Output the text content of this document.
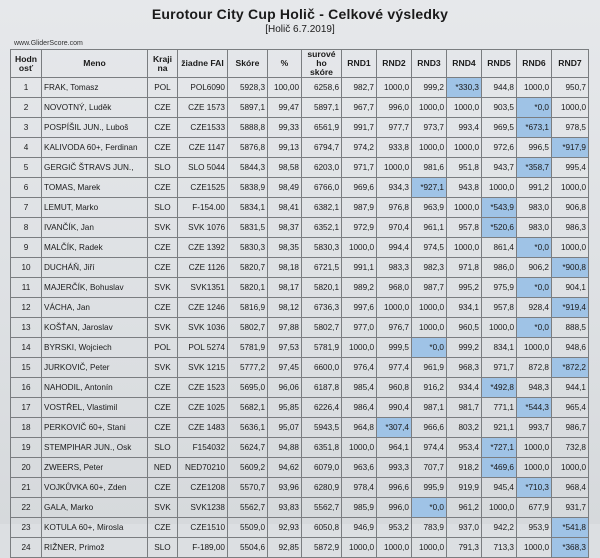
Eurotour City Cup Holič - Celkové výsledky
[Holič 6.7.2019]
www.GliderScore.com
Hodn osť	Meno	Kraji na	žiadne FAI	Skóre	%	surové ho skóre	RND1	RND2	RND3	RND4	RND5	RND6	RND7
1	FRAK, Tomasz	POL	POL6090	5928,3	100,00	6258,6	982,7	1000,0	999,2	*330,3	944,8	1000,0	950,7
2	NOVOTNÝ, Luděk	CZE	CZE 1573	5897,1	99,47	5897,1	967,7	996,0	1000,0	1000,0	903,5	*0,0	1000,0
3	POSPÍŠIL JUN., Luboš	CZE	CZE1533	5888,8	99,33	6561,9	991,7	977,7	973,7	993,4	969,5	*673,1	978,5
4	KALIVODA 60+, Ferdinan	CZE	CZE 1147	5876,8	99,13	6794,7	974,2	933,8	1000,0	1000,0	972,6	996,5	*917,9
5	GERGIČ ŠTRAVS JUN.,	SLO	SLO 5044	5844,3	98,58	6203,0	971,7	1000,0	981,6	951,8	943,7	*358,7	995,4
6	TOMAS, Marek	CZE	CZE1525	5838,9	98,49	6766,0	969,6	934,3	*927,1	943,8	1000,0	991,2	1000,0
7	LEMUT, Marko	SLO	F-154.00	5834,1	98,41	6382,1	987,9	976,8	963,9	1000,0	*543,9	983,0	906,8
8	IVANČÍK, Jan	SVK	SVK 1076	5831,5	98,37	6352,1	972,9	970,4	961,1	957,8	*520,6	983,0	986,3
9	MALČÍK, Radek	CZE	CZE 1392	5830,3	98,35	5830,3	1000,0	994,4	974,5	1000,0	861,4	*0,0	1000,0
10	DUCHÁŇ, Jiří	CZE	CZE 1126	5820,7	98,18	6721,5	991,1	983,3	982,3	971,8	986,0	906,2	*900,8
11	MAJERČÍK, Bohuslav	SVK	SVK1351	5820,1	98,17	5820,1	989,2	968,0	987,7	995,2	975,9	*0,0	904,1
12	VÁCHA, Jan	CZE	CZE 1246	5816,9	98,12	6736,3	997,6	1000,0	1000,0	934,1	957,8	928,4	*919,4
13	KOŠŤAN, Jaroslav	SVK	SVK 1036	5802,7	97,88	5802,7	977,0	976,7	1000,0	960,5	1000,0	*0,0	888,5
14	BYRSKI, Wojciech	POL	POL 5274	5781,9	97,53	5781,9	1000,0	999,5	*0,0	999,2	834,1	1000,0	948,6
15	JURKOVIČ, Peter	SVK	SVK 1215	5777,2	97,45	6600,0	976,4	977,4	961,9	968,3	971,7	872,8	*872,2
16	NAHODIL, Antonín	CZE	CZE 1523	5695,0	96,06	6187,8	985,4	960,8	916,2	934,4	*492,8	948,3	944,1
17	VOSTŘEL, Vlastimil	CZE	CZE 1025	5682,1	95,85	6226,4	986,4	990,4	987,1	981,7	771,1	*544,3	965,4
18	PERKOVIČ 60+, Stani	CZE	CZE 1483	5636,1	95,07	5943,5	964,8	*307,4	966,6	803,2	921,1	993,7	986,7
19	STEMPIHAR JUN., Osk	SLO	F154032	5624,7	94,88	6351,8	1000,0	964,1	974,4	953,4	*727,1	1000,0	732,8
20	ZWEERS, Peter	NED	NED70210	5609,2	94,62	6079,0	963,6	993,3	707,7	918,2	*469,6	1000,0	1000,0
21	VOJKŮVKA 60+, Zden	CZE	CZE1208	5570,7	93,96	6280,9	978,4	996,6	995,9	919,9	945,4	*710,3	968,4
22	GALA, Marko	SVK	SVK1238	5562,7	93,83	5562,7	985,9	996,0	*0,0	961,2	1000,0	677,9	931,7
23	KOTULA 60+, Mirosla	CZE	CZE1510	5509,0	92,93	6050,8	946,9	953,2	783,9	937,0	942,2	953,9	*541,8
24	RIŽNER, Primož	SLO	F-189,00	5504,6	92,85	5872,9	1000,0	1000,0	1000,0	791,3	713,3	1000,0	*368,3
